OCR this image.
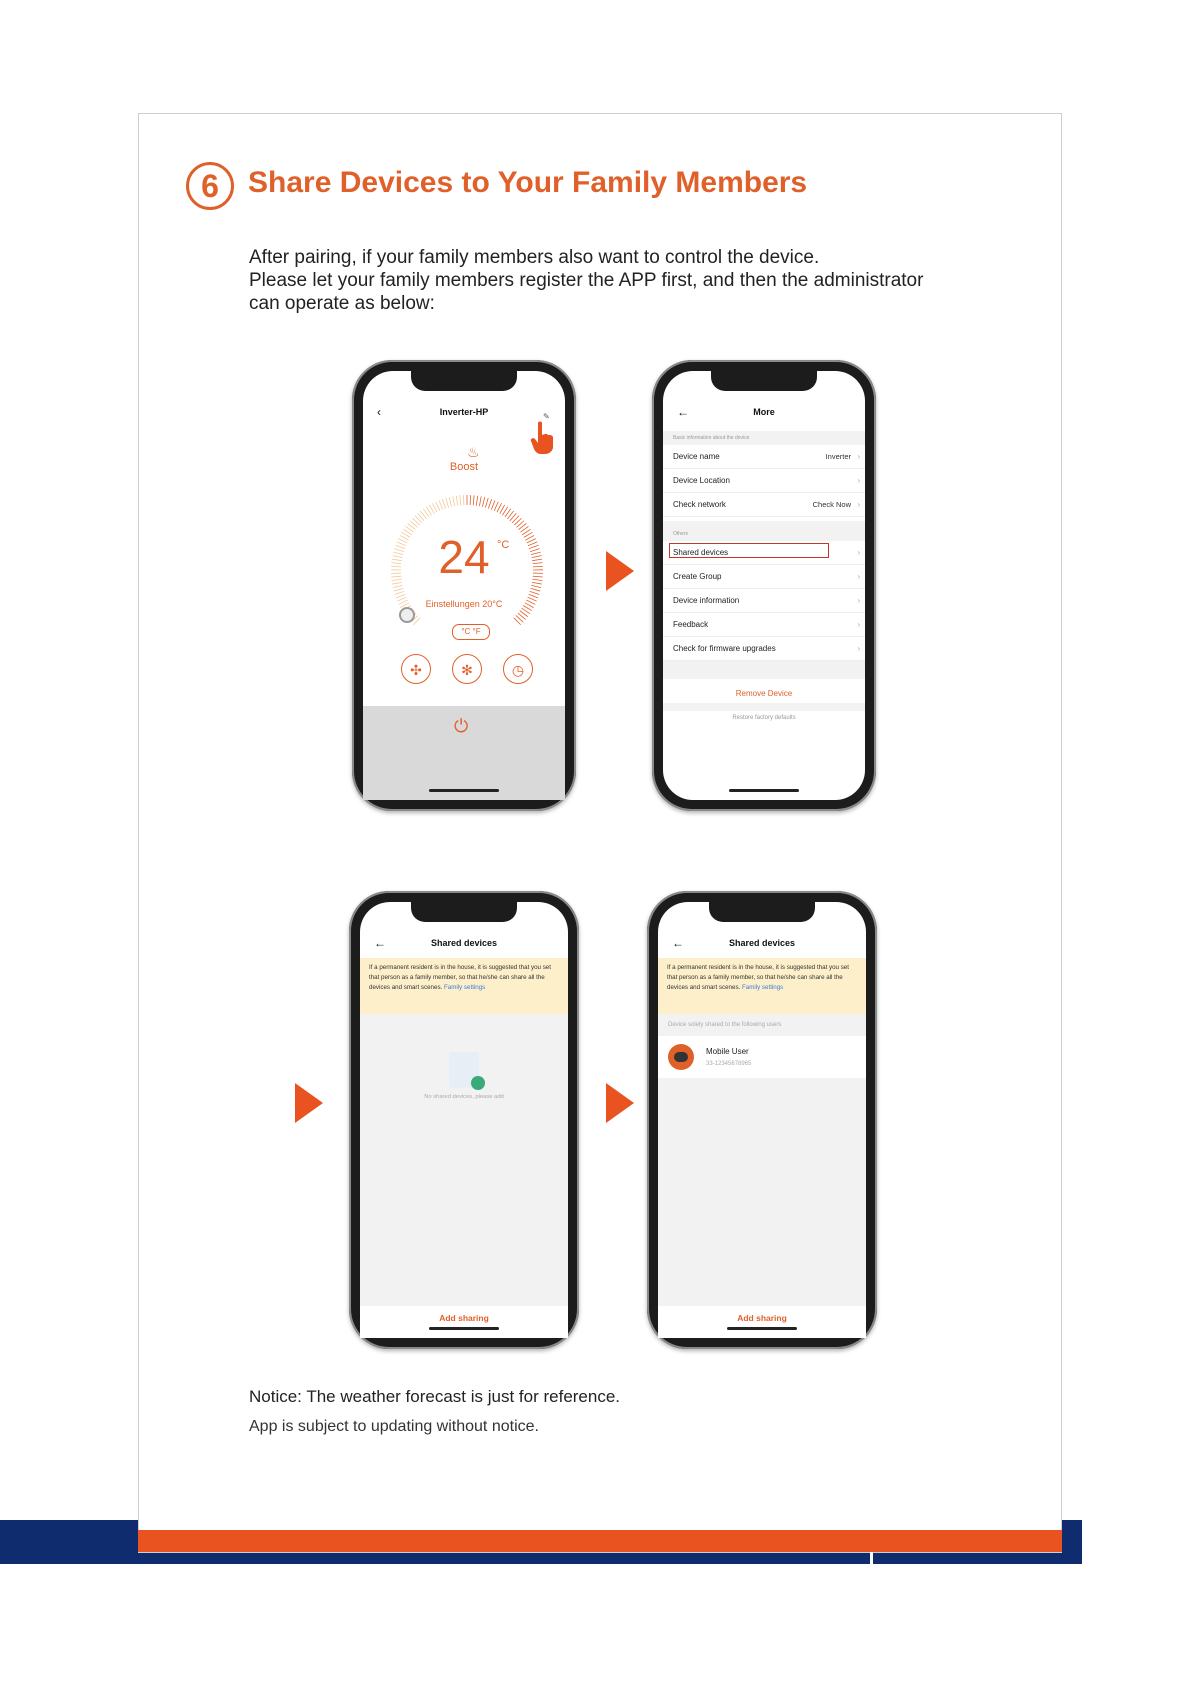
6 Share Devices to Your Family Members
After pairing, if your family members also want to control the device.
Please let your family members register the APP first, and then the administrator
can operate as below:
‹	Inverter-HP	✎
♨
Boost
24 °C
Einstellungen 20°C
°C °F
✣	✻	◷
⏻
←	More
Basic information about the device
Device name	Inverter ›
Device Location	›
Check network	Check Now ›
Others
Shared devices	›
Create Group	›
Device information	›
Feedback	›
Check for firmware upgrades	›
Remove Device
Restore factory defaults
←	Shared devices
If a permanent resident is in the house, it is suggested that you set that person as a family member, so that he/she can share all the devices and smart scenes. Family settings
No shared devices, please add
Add sharing
←	Shared devices
If a permanent resident is in the house, it is suggested that you set that person as a family member, so that he/she can share all the devices and smart scenes. Family settings
Device solely shared to the following users
Mobile User
33-12345678965
Add sharing
Notice: The weather forecast is just for reference.
App is subject to updating without notice.
